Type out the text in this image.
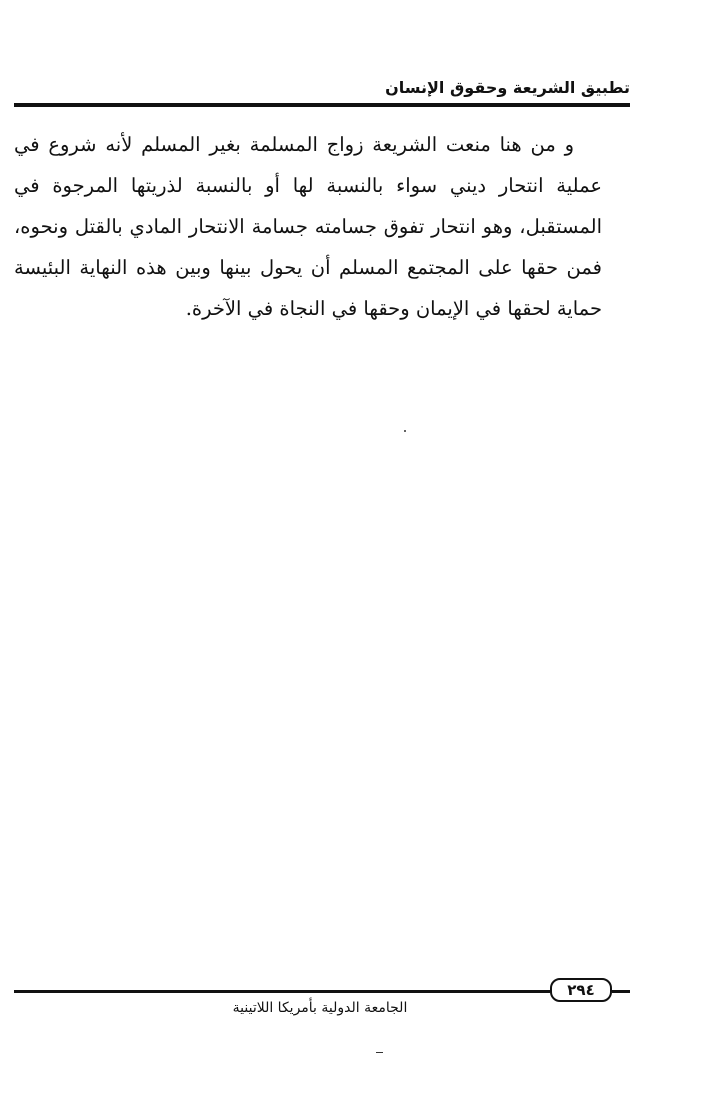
تطبيق الشريعة وحقوق الإنسان

و من هنا منعت الشريعة زواج المسلمة بغير المسلم لأنه شروع في عملية انتحار ديني سواء بالنسبة لها أو بالنسبة لذريتها المرجوة في المستقبل، وهو انتحار تفوق جسامته جسامة الانتحار المادي بالقتل ونحوه، فمن حقها على المجتمع المسلم أن يحول بينها وبين هذه النهاية البئيسة حماية لحقها في الإيمان وحقها في النجاة في الآخرة.

٢٩٤
الجامعة الدولية بأمريكا اللاتينية
